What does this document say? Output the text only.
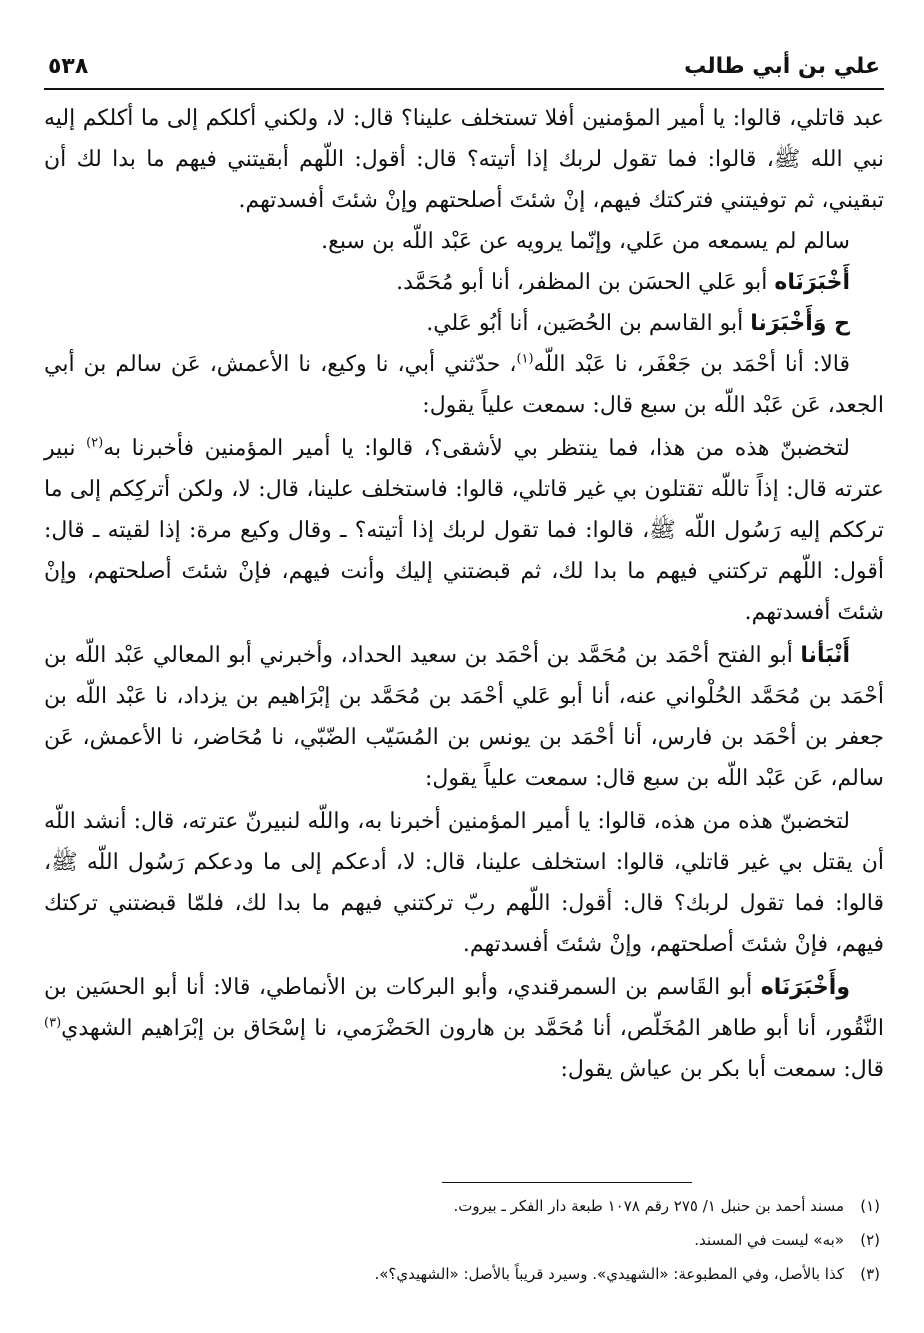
علي بن أبي طالب
٥٣٨

عبد قاتلي، قالوا: يا أمير المؤمنين أفلا تستخلف علينا؟ قال: لا، ولكني أكلكم إلى ما أكلكم إليه نبي الله ﷺ، قالوا: فما تقول لربك إذا أتيته؟ قال: أقول: اللّهم أبقيتني فيهم ما بدا لك أن تبقيني، ثم توفيتني فتركتك فيهم، إنْ شئتَ أصلحتهم وإنْ شئتَ أفسدتهم.

سالم لم يسمعه من عَلي، وإنّما يرويه عن عَبْد اللّه بن سبع.

أَخْبَرَنَاه أبو عَلي الحسَن بن المظفر، أنا أبو مُحَمَّد.

ح وَأَخْبَرَنا أبو القاسم بن الحُصَين، أنا أبُو عَلي.

قالا: أنا أحْمَد بن جَعْفَر، نا عَبْد اللّه$^{(١)}$، حدّثني أبي، نا وكيع، نا الأعمش، عَن سالم بن أبي الجعد، عَن عَبْد اللّه بن سبع قال: سمعت علياً يقول:

لتخضبنّ هذه من هذا، فما ينتظر بي لأشقى؟، قالوا: يا أمير المؤمنين فأخبرنا به$^{(٢)}$ نبير عترته قال: إذاً تاللّه تقتلون بي غير قاتلي، قالوا: فاستخلف علينا، قال: لا، ولكن أتركِكم إلى ما ترككم إليه رَسُول اللّه ﷺ، قالوا: فما تقول لربك إذا أتيته؟ ـ وقال وكيع مرة: إذا لقيته ـ قال: أقول: اللّهم تركتني فيهم ما بدا لك، ثم قبضتني إليك وأنت فيهم، فإنْ شئتَ أصلحتهم، وإنْ شئتَ أفسدتهم.

أَنْبَأنا أبو الفتح أحْمَد بن مُحَمَّد بن أحْمَد بن سعيد الحداد، وأخبرني أبو المعالي عَبْد اللّه بن أحْمَد بن مُحَمَّد الحُلْواني عنه، أنا أبو عَلي أحْمَد بن مُحَمَّد بن إبْرَاهيم بن يزداد، نا عَبْد اللّه بن جعفر بن أحْمَد بن فارس، أنا أحْمَد بن يونس بن المُسَيّب الضّبّي، نا مُحَاضر، نا الأعمش، عَن سالم، عَن عَبْد اللّه بن سبع قال: سمعت علياً يقول:

لتخضبنّ هذه من هذه، قالوا: يا أمير المؤمنين أخبرنا به، واللّه لنبيرنّ عترته، قال: أنشد اللّه أن يقتل بي غير قاتلي، قالوا: استخلف علينا، قال: لا، أدعكم إلى ما ودعكم رَسُول اللّه ﷺ، قالوا: فما تقول لربك؟ قال: أقول: اللّهم ربّ تركتني فيهم ما بدا لك، فلمّا قبضتني تركتك فيهم، فإنْ شئتَ أصلحتهم، وإنْ شئتَ أفسدتهم.

وأَخْبَرَنَاه أبو القَاسم بن السمرقندي، وأبو البركات بن الأنماطي، قالا: أنا أبو الحسَين بن النَّقُور، أنا أبو طاهر المُخَلّص، أنا مُحَمَّد بن هارون الحَضْرَمي، نا إسْحَاق بن إبْرَاهيم الشهدي$^{(٣)}$ قال: سمعت أبا بكر بن عياش يقول:

(١)مسند أحمد بن حنبل ١/ ٢٧٥ رقم ١٠٧٨ طبعة دار الفكر ـ بيروت.
(٢)«به» ليست في المسند.
(٣)كذا بالأصل، وفي المطبوعة: «الشهيدي». وسيرد قريباً بالأصل: «الشهيدي؟».
